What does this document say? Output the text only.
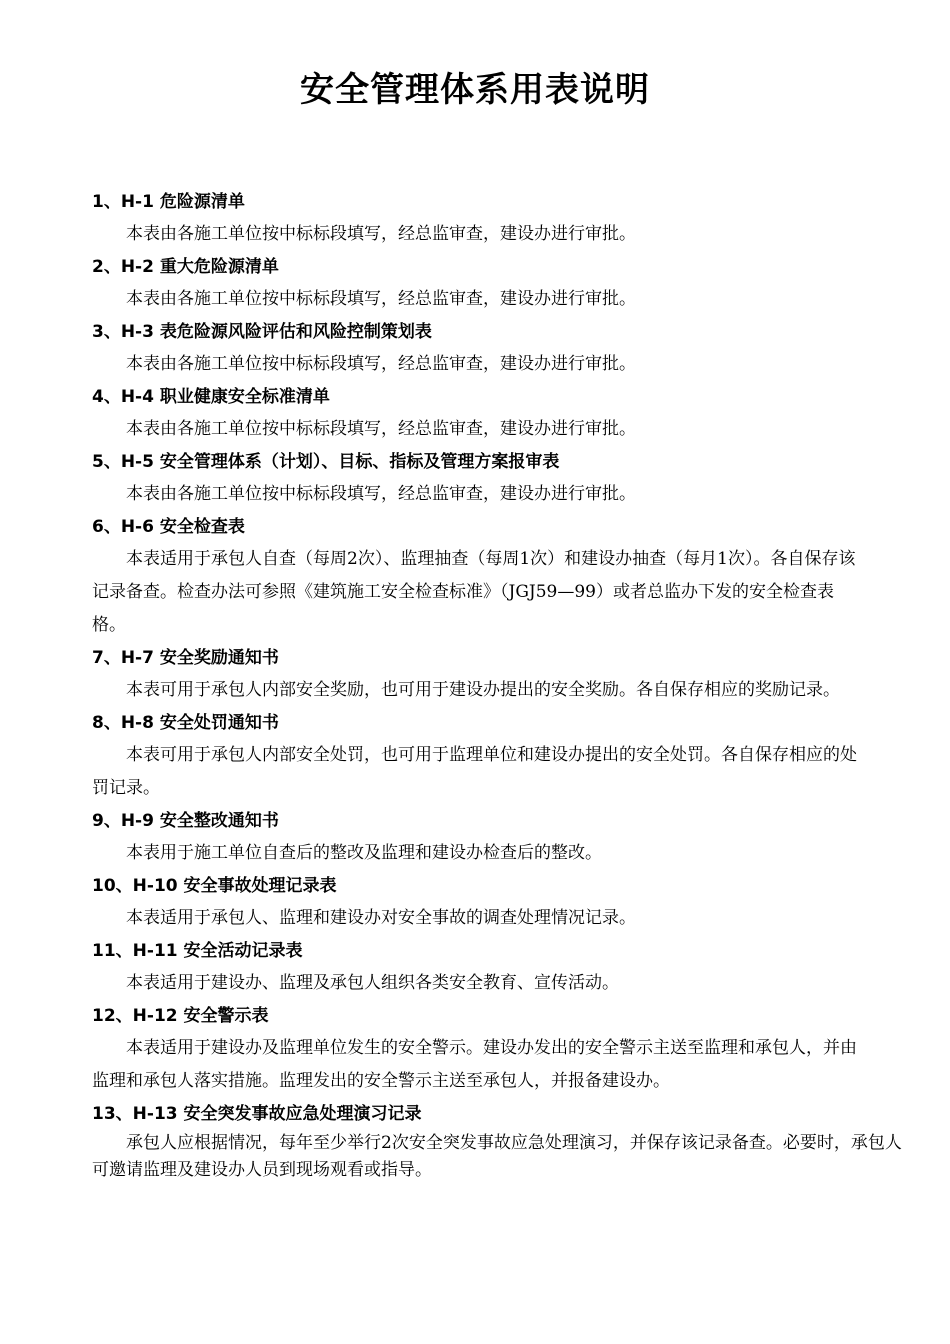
安全管理体系用表说明
1、H-1 危险源清单

本表由各施工单位按中标标段填写，经总监审查，建设办进行审批。

2、H-2 重大危险源清单

本表由各施工单位按中标标段填写，经总监审查，建设办进行审批。

3、H-3 表危险源风险评估和风险控制策划表

本表由各施工单位按中标标段填写，经总监审查，建设办进行审批。

4、H-4 职业健康安全标准清单

本表由各施工单位按中标标段填写，经总监审查，建设办进行审批。

5、H-5 安全管理体系（计划）、目标、指标及管理方案报审表

本表由各施工单位按中标标段填写，经总监审查，建设办进行审批。

6、H-6 安全检查表

本表适用于承包人自查（每周2次）、监理抽查（每周1次）和建设办抽查（每月1次）。各自保存该记录备查。检查办法可参照《建筑施工安全检查标准》（JGJ59—99）或者总监办下发的安全检查表格。

7、H-7 安全奖励通知书

本表可用于承包人内部安全奖励，也可用于建设办提出的安全奖励。各自保存相应的奖励记录。

8、H-8 安全处罚通知书

本表可用于承包人内部安全处罚，也可用于监理单位和建设办提出的安全处罚。各自保存相应的处罚记录。

9、H-9 安全整改通知书

本表用于施工单位自查后的整改及监理和建设办检查后的整改。

10、H-10 安全事故处理记录表

本表适用于承包人、监理和建设办对安全事故的调查处理情况记录。

11、H-11 安全活动记录表

本表适用于建设办、监理及承包人组织各类安全教育、宣传活动。

12、H-12 安全警示表

本表适用于建设办及监理单位发生的安全警示。建设办发出的安全警示主送至监理和承包人，并由监理和承包人落实措施。监理发出的安全警示主送至承包人，并报备建设办。

13、H-13 安全突发事故应急处理演习记录

承包人应根据情况，每年至少举行2次安全突发事故应急处理演习，并保存该记录备查。必要时，承包人可邀请监理及建设办人员到现场观看或指导。
